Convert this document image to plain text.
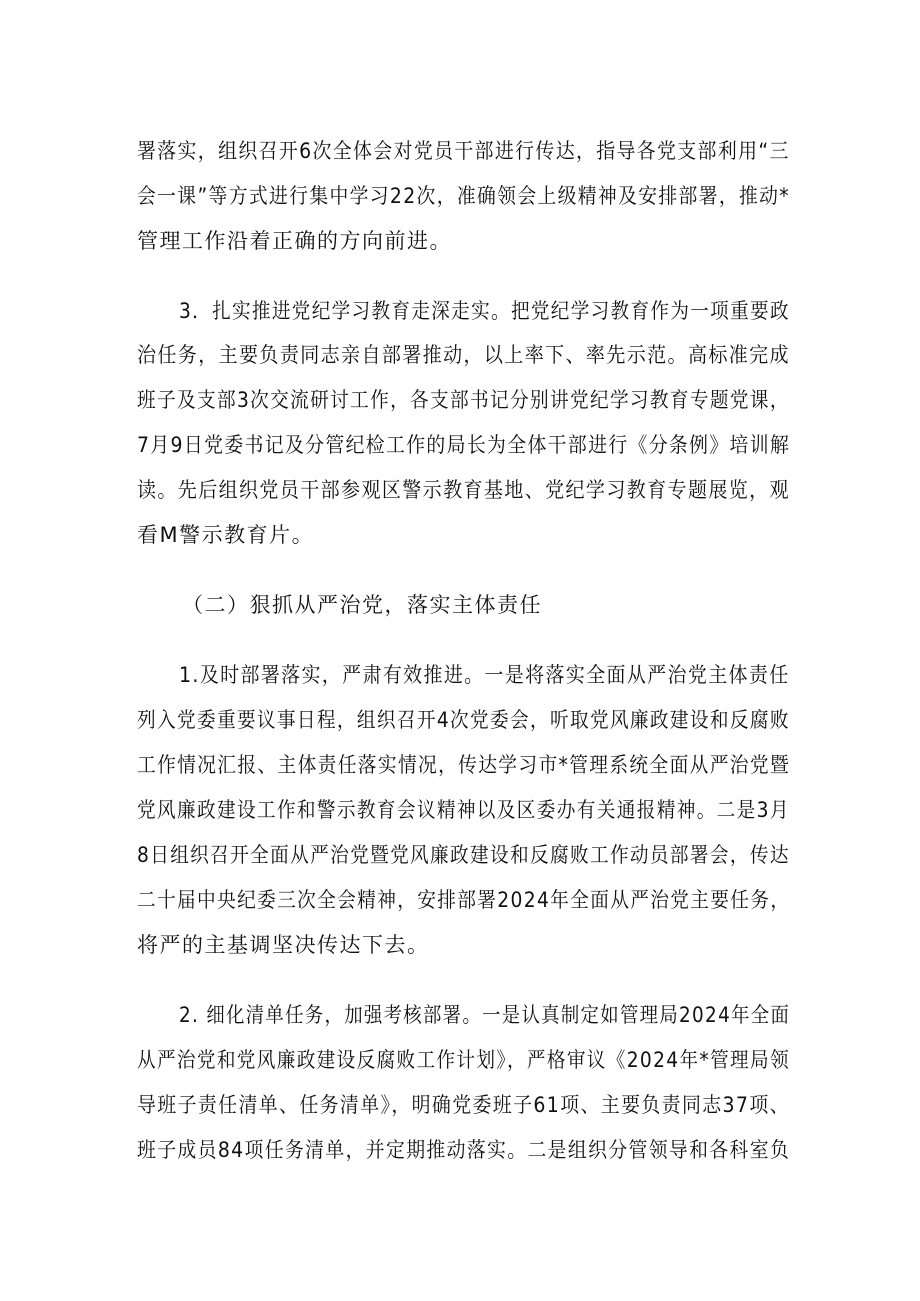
署落实，组织召开6次全体会对党员干部进行传达，指导各党支部利用“三
会一课”等方式进行集中学习22次，准确领会上级精神及安排部署，推动*
管理工作沿着正确的方向前进。
3．扎实推进党纪学习教育走深走实。把党纪学习教育作为一项重要政
治任务，主要负责同志亲自部署推动，以上率下、率先示范。高标准完成
班子及支部3次交流研讨工作，各支部书记分别讲党纪学习教育专题党课，
7月9日党委书记及分管纪检工作的局长为全体干部进行《分条例》培训解
读。先后组织党员干部参观区警示教育基地、党纪学习教育专题展览，观
看M警示教育片。
（二）狠抓从严治党，落实主体责任
1.及时部署落实，严肃有效推进。一是将落实全面从严治党主体责任
列入党委重要议事日程，组织召开4次党委会，听取党风廉政建设和反腐败
工作情况汇报、主体责任落实情况，传达学习市*管理系统全面从严治党暨
党风廉政建设工作和警示教育会议精神以及区委办有关通报精神。二是3月
8日组织召开全面从严治党暨党风廉政建设和反腐败工作动员部署会，传达
二十届中央纪委三次全会精神，安排部署2024年全面从严治党主要任务，
将严的主基调坚决传达下去。
2. 细化清单任务，加强考核部署。一是认真制定如管理局2024年全面
从严治党和党风廉政建设反腐败工作计划》，严格审议《2024年*管理局领
导班子责任清单、任务清单》，明确党委班子61项、主要负责同志37项、
班子成员84项任务清单，并定期推动落实。二是组织分管领导和各科室负
